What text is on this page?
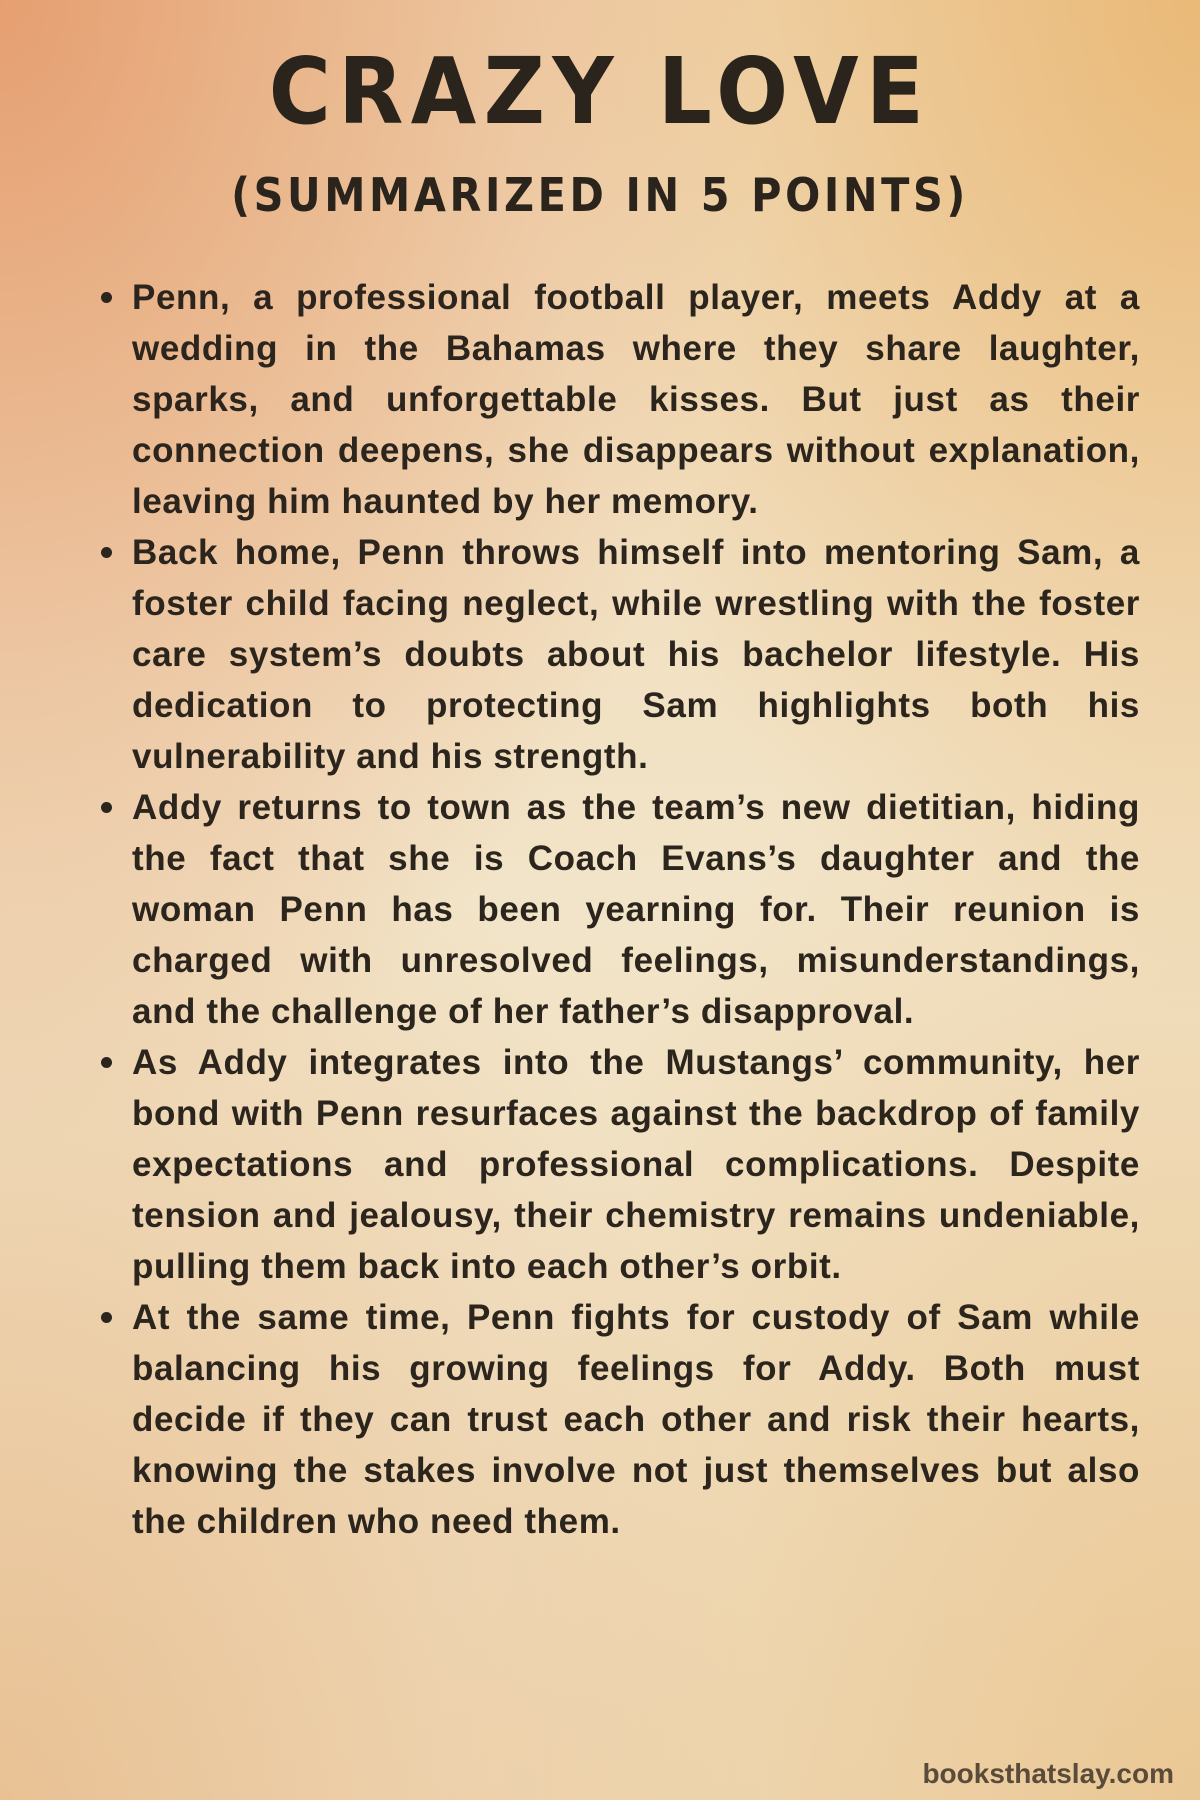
CRAZY LOVE
(SUMMARIZED IN 5 POINTS)
Penn, a professional football player, meets Addy at a wedding in the Bahamas where they share laughter, sparks, and unforgettable kisses. But just as their connection deepens, she disappears without explanation, leaving him haunted by her memory.
Back home, Penn throws himself into mentoring Sam, a foster child facing neglect, while wrestling with the foster care system’s doubts about his bachelor lifestyle. His dedication to protecting Sam highlights both his vulnerability and his strength.
Addy returns to town as the team’s new dietitian, hiding the fact that she is Coach Evans’s daughter and the woman Penn has been yearning for. Their reunion is charged with unresolved feelings, misunderstandings, and the challenge of her father’s disapproval.
As Addy integrates into the Mustangs’ community, her bond with Penn resurfaces against the backdrop of family expectations and professional complications. Despite tension and jealousy, their chemistry remains undeniable, pulling them back into each other’s orbit.
At the same time, Penn fights for custody of Sam while balancing his growing feelings for Addy. Both must decide if they can trust each other and risk their hearts, knowing the stakes involve not just themselves but also the children who need them.
booksthatslay.com
